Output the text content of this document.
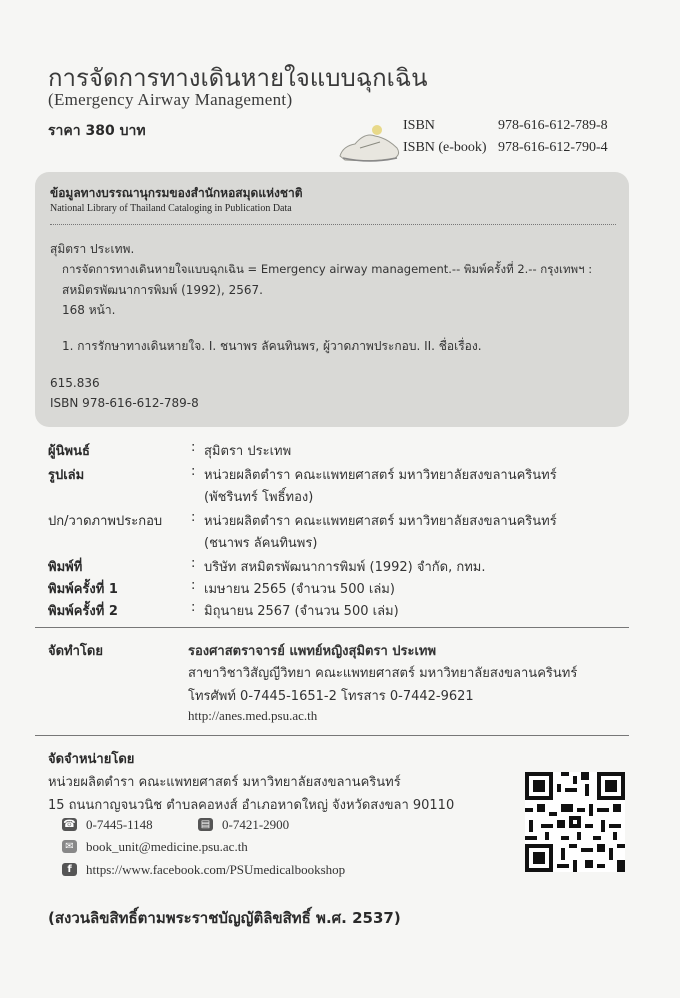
การจัดการทางเดินหายใจแบบฉุกเฉิน
(Emergency Airway Management)
ราคา 380 บาท	ISBN	978-616-612-789-8
ISBN (e-book) 978-616-612-790-4
ข้อมูลทางบรรณานุกรมของสำนักหอสมุดแห่งชาติ
National Library of Thailand Cataloging in Publication Data
สุมิตรา ประเทพ.
การจัดการทางเดินหายใจแบบฉุกเฉิน = Emergency airway management.-- พิมพ์ครั้งที่ 2.-- กรุงเทพฯ :
สหมิตรพัฒนาการพิมพ์ (1992), 2567.
168 หน้า.
1. การรักษาทางเดินหายใจ. I. ชนาพร ลัคนทินพร, ผู้วาดภาพประกอบ. II. ชื่อเรื่อง.
615.836
ISBN 978-616-612-789-8
ผู้นิพนธ์	: สุมิตรา ประเทพ
รูปเล่ม	: หน่วยผลิตตำรา คณะแพทยศาสตร์ มหาวิทยาลัยสงขลานครินทร์
(พัชรินทร์ โพธิ์ทอง)
ปก/วาดภาพประกอบ : หน่วยผลิตตำรา คณะแพทยศาสตร์ มหาวิทยาลัยสงขลานครินทร์
(ชนาพร ลัคนทินพร)
พิมพ์ที่	: บริษัท สหมิตรพัฒนาการพิมพ์ (1992) จำกัด, กทม.
พิมพ์ครั้งที่ 1	: เมษายน 2565 (จำนวน 500 เล่ม)
พิมพ์ครั้งที่ 2	: มิถุนายน 2567 (จำนวน 500 เล่ม)
จัดทำโดย	รองศาสตราจารย์ แพทย์หญิงสุมิตรา ประเทพ
สาขาวิชาวิสัญญีวิทยา คณะแพทยศาสตร์ มหาวิทยาลัยสงขลานครินทร์
โทรศัพท์ 0-7445-1651-2 โทรสาร 0-7442-9621
http://anes.med.psu.ac.th
จัดจำหน่ายโดย
หน่วยผลิตตำรา คณะแพทยศาสตร์ มหาวิทยาลัยสงขลานครินทร์
15 ถนนกาญจนวนิช ตำบลคอหงส์ อำเภอหาดใหญ่ จังหวัดสงขลา 90110
☎ 0-7445-1148	▤ 0-7421-2900
✉ book_unit@medicine.psu.ac.th
f	https://www.facebook.com/PSUmedicalbookshop
(สงวนลิขสิทธิ์ตามพระราชบัญญัติลิขสิทธิ์ พ.ศ. 2537)
